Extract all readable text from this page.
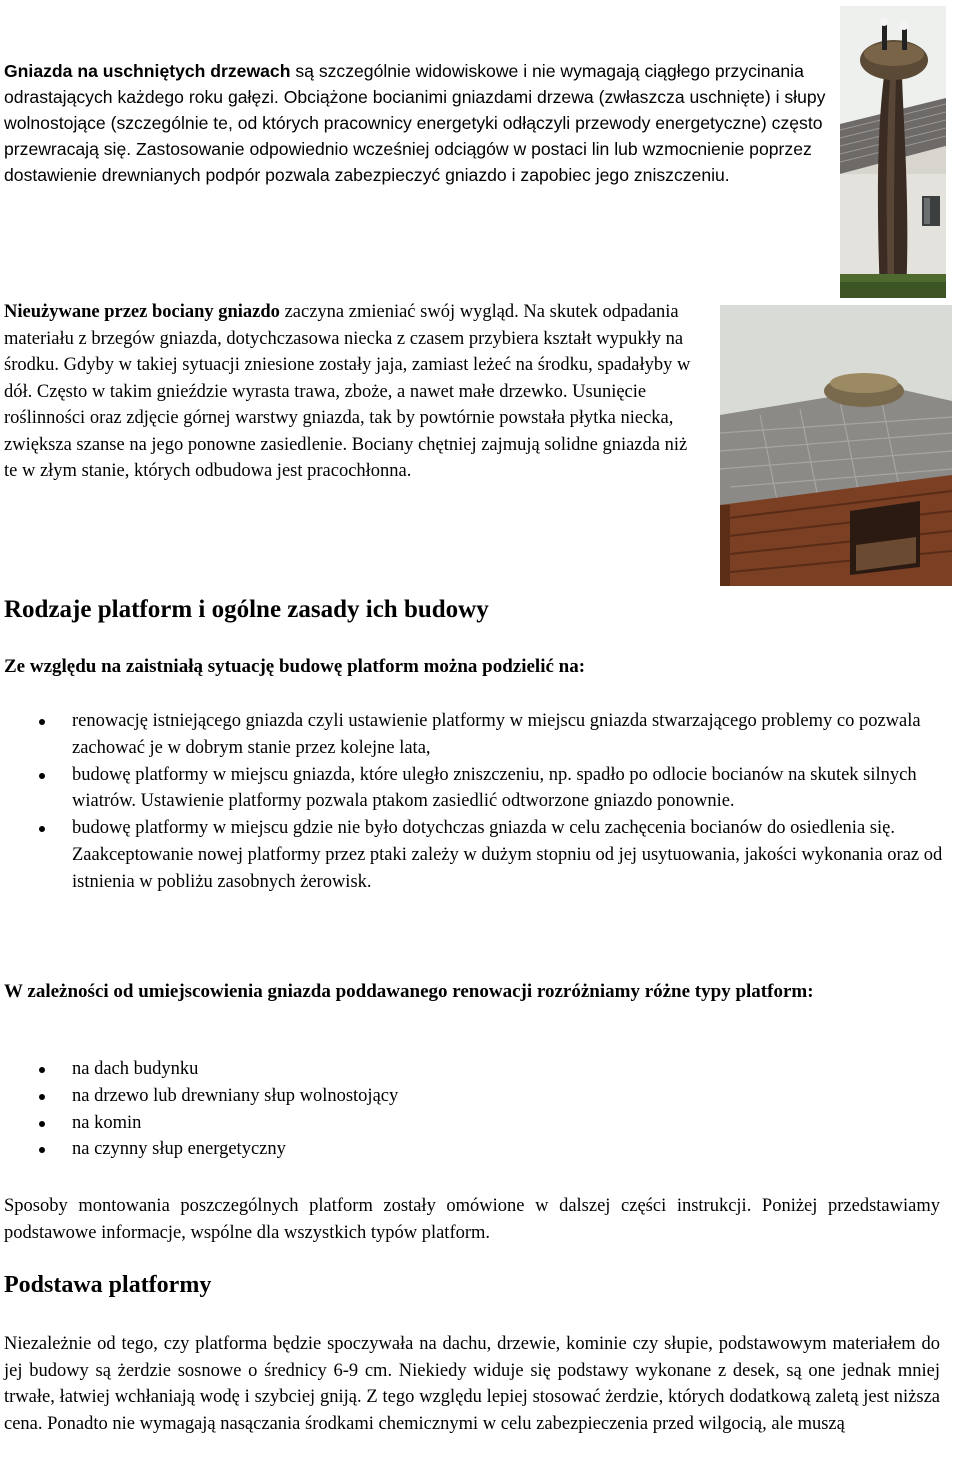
Gniazda na uschniętych drzewach są szczególnie widowiskowe i nie wymagają ciągłego przycinania odrastających każdego roku gałęzi. Obciążone bocianimi gniazdami drzewa (zwłaszcza uschnięte) i słupy wolnostojące (szczególnie te, od których pracownicy energetyki odłączyli przewody energetyczne) często przewracają się. Zastosowanie odpowiednio wcześniej odciągów w postaci lin lub wzmocnienie poprzez dostawienie drewnianych podpór pozwala zabezpieczyć gniazdo i zapobiec jego zniszczeniu.

Nieużywane przez bociany gniazdo zaczyna zmieniać swój wygląd. Na skutek odpadania materiału z brzegów gniazda, dotychczasowa niecka z czasem przybiera kształt wypukły na środku. Gdyby w takiej sytuacji zniesione zostały jaja, zamiast leżeć na środku, spadałyby w dół. Często w takim gnieździe wyrasta trawa, zboże, a nawet małe drzewko. Usunięcie roślinności oraz zdjęcie górnej warstwy gniazda, tak by powtórnie powstała płytka niecka, zwiększa szanse na jego ponowne zasiedlenie. Bociany chętniej zajmują solidne gniazda niż te w złym stanie, których odbudowa jest pracochłonna.

Rodzaje platform i ogólne zasady ich budowy
Ze względu na zaistniałą sytuację budowę platform można podzielić na:
renowację istniejącego gniazda czyli ustawienie platformy w miejscu gniazda stwarzającego problemy co pozwala zachować je w dobrym stanie przez kolejne lata,
budowę platformy w miejscu gniazda, które uległo zniszczeniu, np. spadło po odlocie bocianów na skutek silnych wiatrów. Ustawienie platformy pozwala ptakom zasiedlić odtworzone gniazdo ponownie.
budowę platformy w miejscu gdzie nie było dotychczas gniazda w celu zachęcenia bocianów do osiedlenia się. Zaakceptowanie nowej platformy przez ptaki zależy w dużym stopniu od jej usytuowania, jakości wykonania oraz od istnienia w pobliżu zasobnych żerowisk.
W zależności od umiejscowienia gniazda poddawanego renowacji rozróżniamy różne typy platform:
na dach budynku
na drzewo lub drewniany słup wolnostojący
na komin
na czynny słup energetyczny

Sposoby montowania poszczególnych platform zostały omówione w dalszej części instrukcji. Poniżej przedstawiamy podstawowe informacje, wspólne dla wszystkich typów platform.

Podstawa platformy

Niezależnie od tego, czy platforma będzie spoczywała na dachu, drzewie, kominie czy słupie, podstawowym materiałem do jej budowy są żerdzie sosnowe o średnicy 6-9 cm. Niekiedy widuje się podstawy wykonane z desek, są one jednak mniej trwałe, łatwiej wchłaniają wodę i szybciej gniją. Z tego względu lepiej stosować żerdzie, których dodatkową zaletą jest niższa cena. Ponadto nie wymagają nasączania środkami chemicznymi w celu zabezpieczenia przed wilgocią, ale muszą
